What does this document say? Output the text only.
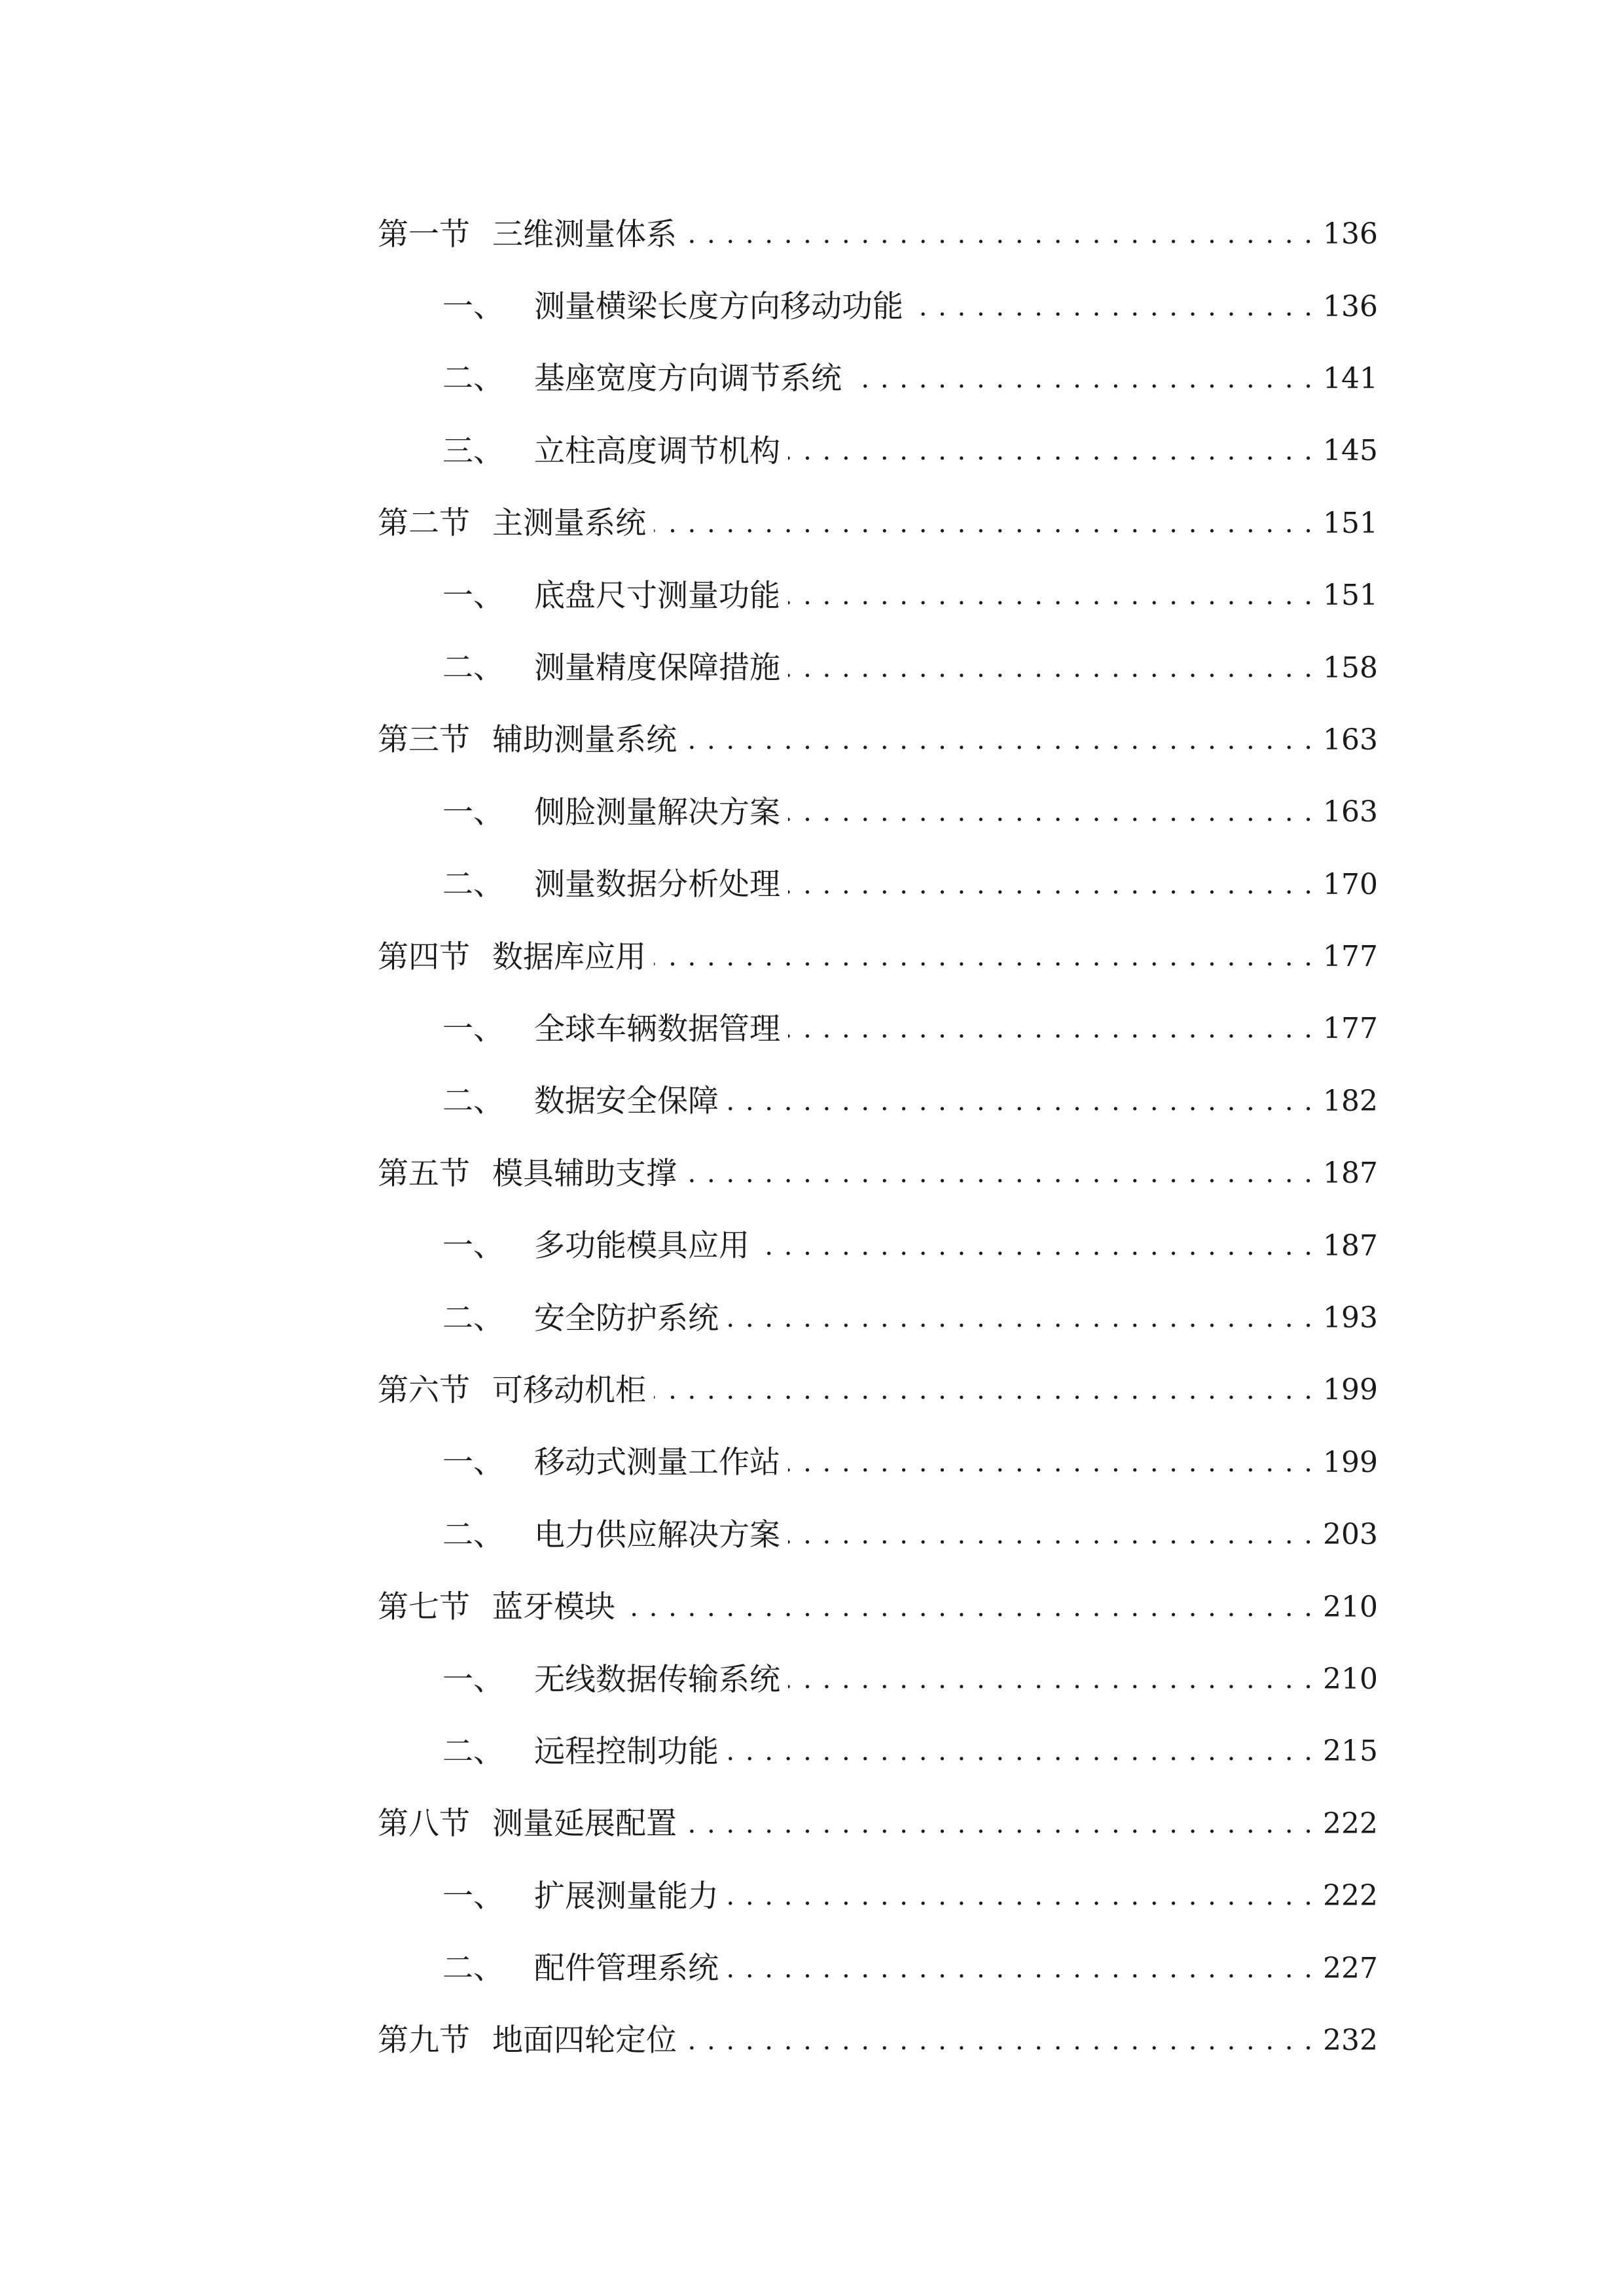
第一节 三维测量体系 . . .	136
一、 测量横梁长度方向移动功能 . . .	136
二、 基座宽度方向调节系统 . . .	141
三、 立柱高度调节机构 . . .	145
第二节 主测量系统 . . .	151
一、 底盘尺寸测量功能 . . .	151
二、 测量精度保障措施 . . .	158
第三节 辅助测量系统 . . .	163
一、 侧脸测量解决方案 . . .	163
二、 测量数据分析处理 . . .	170
第四节 数据库应用 . . .	177
一、 全球车辆数据管理 . . .	177
二、 数据安全保障 . . .	182
第五节 模具辅助支撑 . . .	187
一、 多功能模具应用 . . .	187
二、 安全防护系统 . . .	193
第六节 可移动机柜 . . .	199
一、 移动式测量工作站 . . .	199
二、 电力供应解决方案 . . .	203
第七节 蓝牙模块 . . .	210
一、 无线数据传输系统 . . .	210
二、 远程控制功能 . . .	215
第八节 测量延展配置 . . .	222
一、 扩展测量能力 . . .	222
二、 配件管理系统 . . .	227
第九节 地面四轮定位 . . .	232
